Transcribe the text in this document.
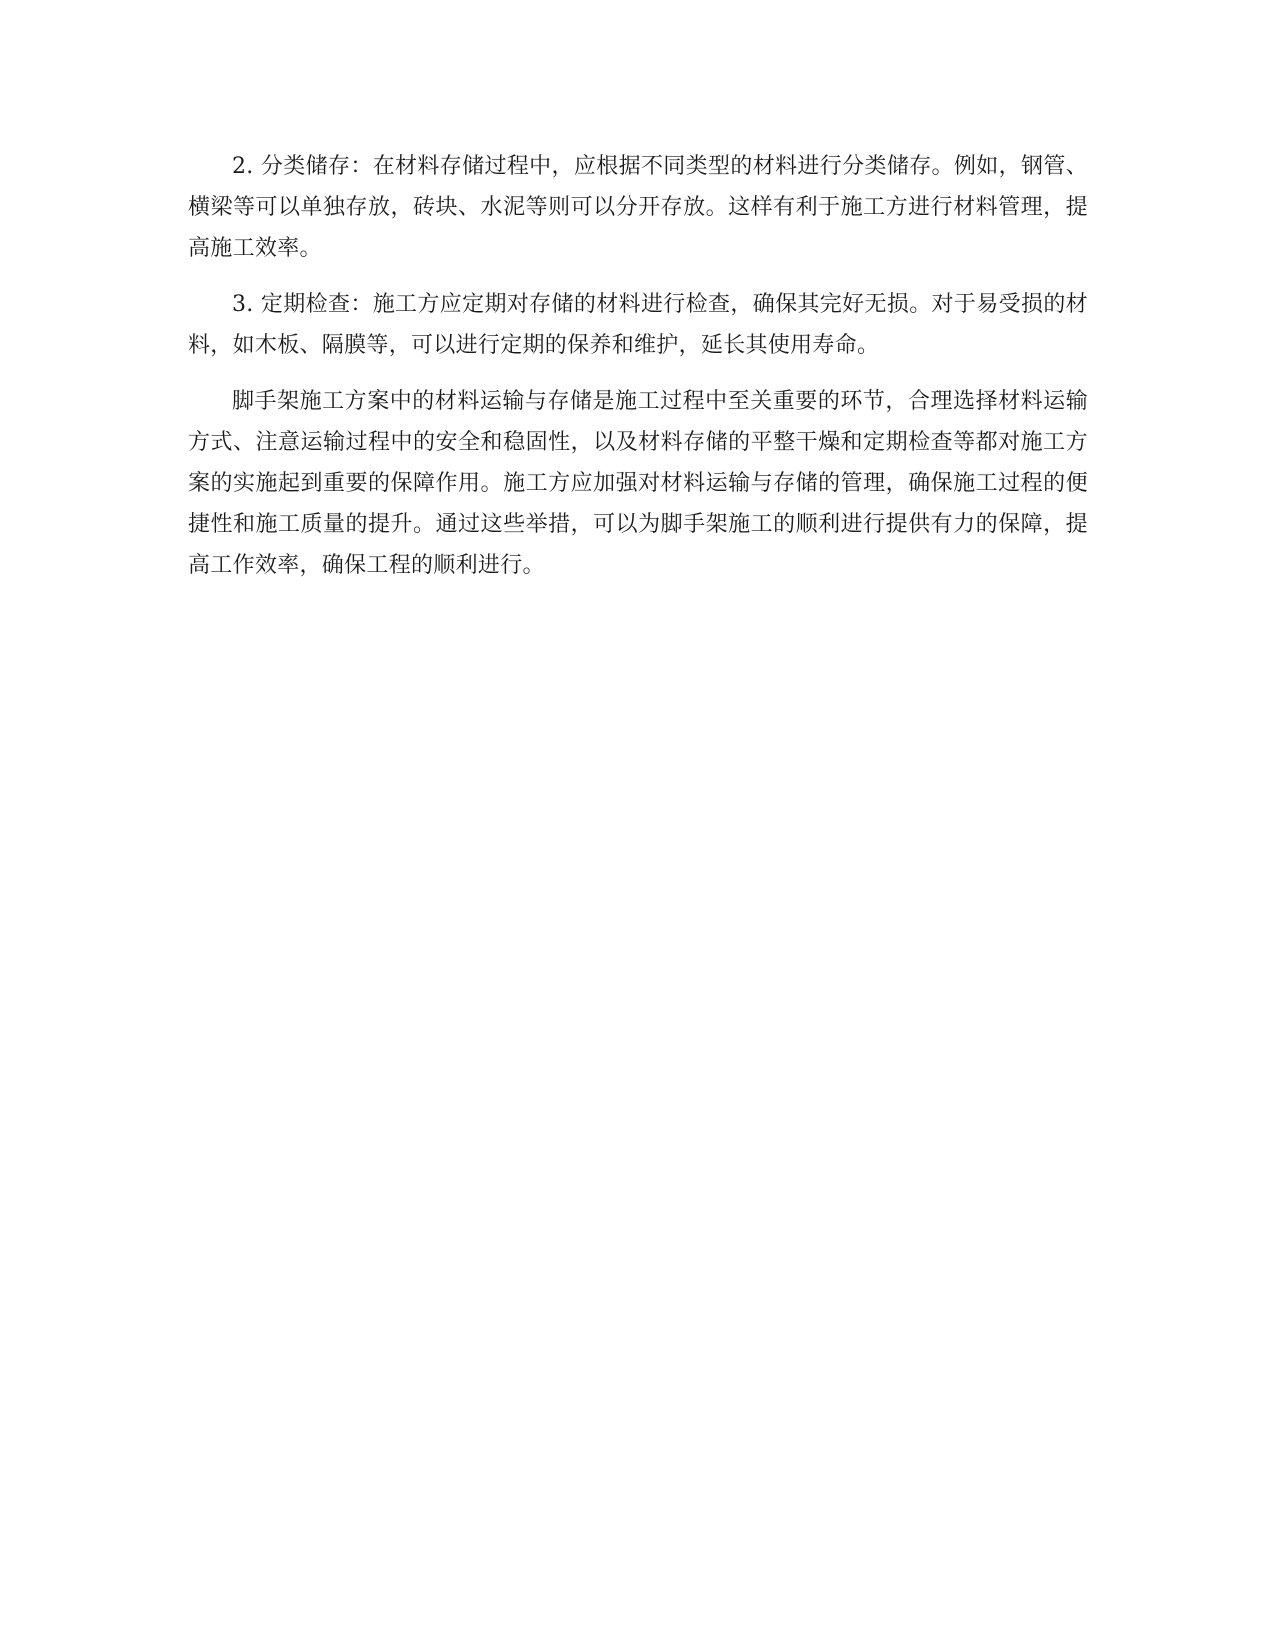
2. 分类储存：在材料存储过程中，应根据不同类型的材料进行分类储存。例如，钢管、横梁等可以单独存放，砖块、水泥等则可以分开存放。这样有利于施工方进行材料管理，提高施工效率。

3. 定期检查：施工方应定期对存储的材料进行检查，确保其完好无损。对于易受损的材料，如木板、隔膜等，可以进行定期的保养和维护，延长其使用寿命。

脚手架施工方案中的材料运输与存储是施工过程中至关重要的环节，合理选择材料运输方式、注意运输过程中的安全和稳固性，以及材料存储的平整干燥和定期检查等都对施工方案的实施起到重要的保障作用。施工方应加强对材料运输与存储的管理，确保施工过程的便捷性和施工质量的提升。通过这些举措，可以为脚手架施工的顺利进行提供有力的保障，提高工作效率，确保工程的顺利进行。
